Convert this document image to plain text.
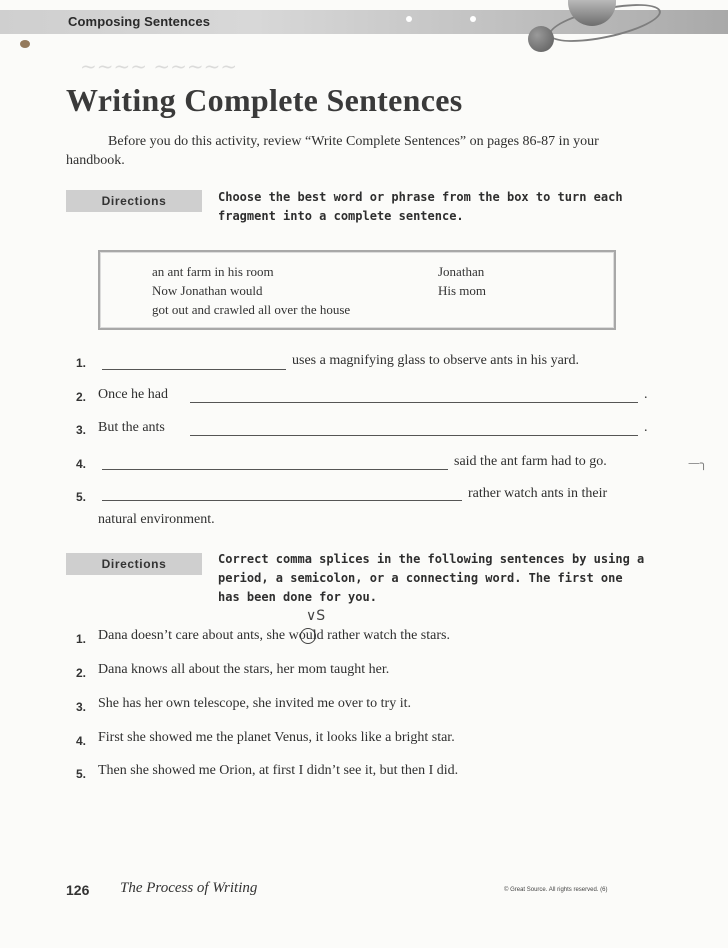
Composing Sentences
~~~~ ~~~~~
Writing Complete Sentences
Before you do this activity, review “Write Complete Sentences” on pages 86-87 in your handbook.
Directions	Choose the best word or phrase from the box to turn each fragment into a complete sentence.
an ant farm in his room
Now Jonathan would
got out and crawled all over the house
Jonathan
His mom
1.	uses a magnifying glass to observe ants in his yard.
2. Once he had	.
3. But the ants	.
4.	said the ant farm had to go.
5.	rather watch ants in their
natural environment.
Directions	Correct comma splices in the following sentences by using a period, a semicolon, or a connecting word. The first one has been done for you.
∨S
1. Dana doesn’t care about ants, she would rather watch the stars.
2. Dana knows all about the stars, her mom taught her.
3. She has her own telescope, she invited me over to try it.
4. First she showed me the planet Venus, it looks like a bright star.
5. Then she showed me Orion, at first I didn’t see it, but then I did.
—╮
126 The Process of Writing	© Great Source. All rights reserved. (6)
